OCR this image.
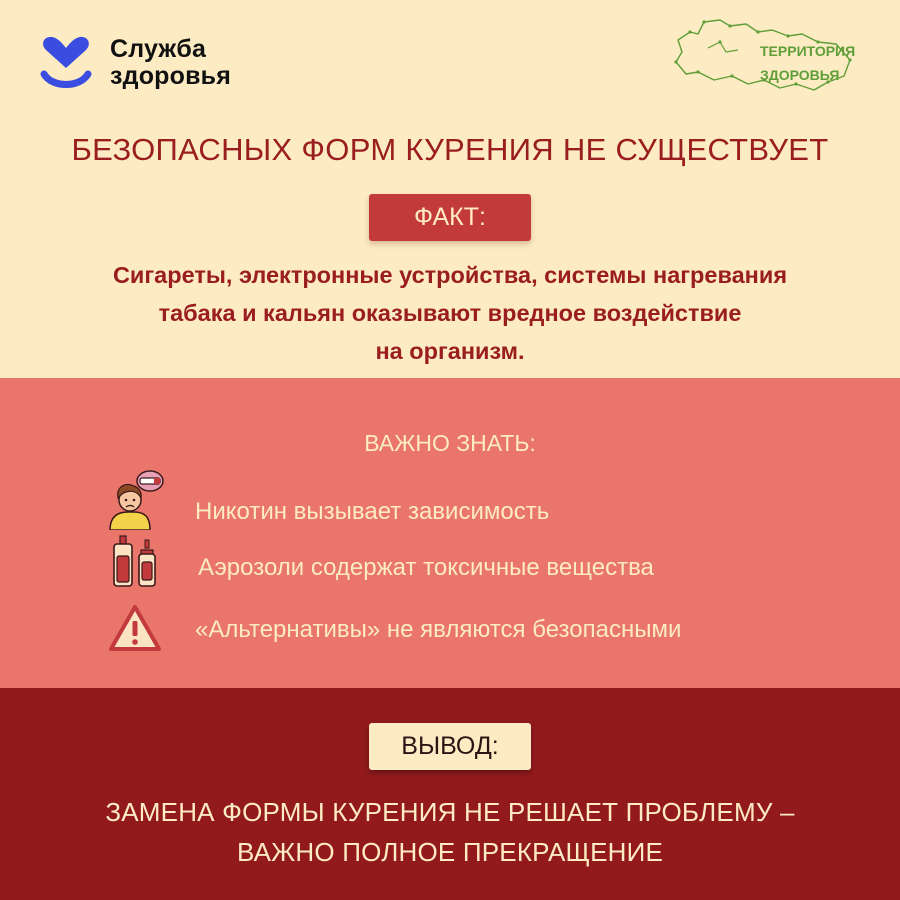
Служба
здоровья
ТЕРРИТОРИЯ
ЗДОРОВЬЯ
БЕЗОПАСНЫХ ФОРМ КУРЕНИЯ НЕ СУЩЕСТВУЕТ
ФАКТ:
Сигареты, электронные устройства, системы нагревания
табака и кальян оказывают вредное воздействие
на организм.
ВАЖНО ЗНАТЬ:
Никотин вызывает зависимость
Аэрозоли содержат токсичные вещества
«Альтернативы» не являются безопасными
ВЫВОД:
ЗАМЕНА ФОРМЫ КУРЕНИЯ НЕ РЕШАЕТ ПРОБЛЕМУ –
ВАЖНО ПОЛНОЕ ПРЕКРАЩЕНИЕ
